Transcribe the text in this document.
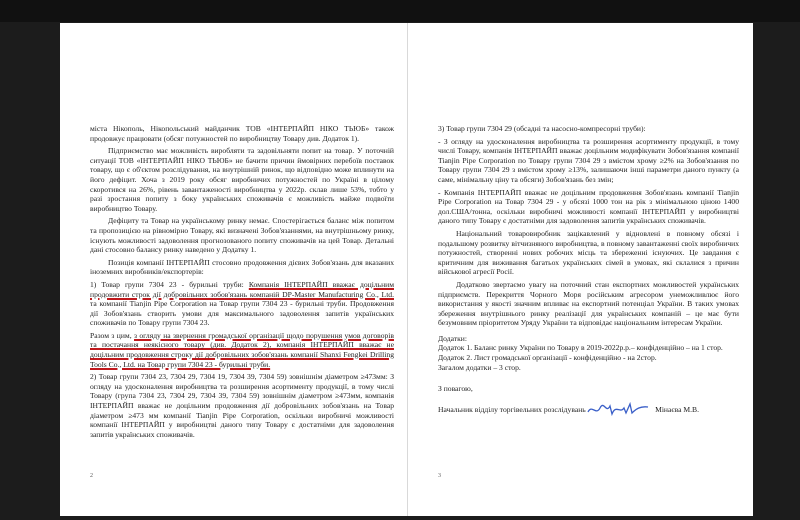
міста Нікополь, Нікопольський майданчик ТОВ «ІНТЕРПАЙП НІКО ТЬЮБ» також продовжує працювати (обсяг потужностей по виробництву Товару див. Додаток 1).

Підприємство має можливість виробляти та задовільняти попит на товар. У поточній ситуації ТОВ «ІНТЕРПАЙП НІКО ТЬЮБ» не бачити причин ймовірних перебоїв поставок товару, що є об'єктом розслідування, на внутрішній ринок, що відповідно може вплинути на його дефіцит. Хоча з 2019 року обсяг виробничих потужностей по Україні в цілому скоротився на 26%, рівень завантаженості виробництва у 2022р. склав лише 53%, тобто у разі зростання попиту з боку українських споживачів є можливість майже подвоїти виробництво Товару.

Дефіциту та Товар на українському ринку немає. Спостерігається баланс між попитом та пропозицією на рівномірно Товару, які визначені Зобов'язаннями, на внутрішньому ринку, існують можливості задоволення прогнозованого попиту споживачів на цей Товар. Детальні дані стосовно балансу ринку наведено у Додатку 1.

Позиція компанії ІНТЕРПАЙП стосовно продовження дієвих Зобов'язань для вказаних іноземних виробників/експортерів:

1) Товар групи 7304 23 - бурильні труби: Компанія ІНТЕРПАЙП вважає доцільним продовжити строк дії добровільних зобов'язань компаній DP-Master Manufacturing Co., Ltd. та компанії Tianjin Pipe Corporation на Товар групи 7304 23 - бурильні труби. Продовження дії Зобов'язань створить умови для максимального задоволення запитів українських споживачів по Товару групи 7304 23.

Разом з цим, з огляду на звернення громадської організації щодо порушення умов договорів та постачання неякісного товару (див. Додаток 2), компанія ІНТЕРПАЙП вважає не доцільним продовження строку дії добровільних зобов'язань компанії Shanxi Fengkei Drilling Tools Co., Ltd. на Товар групи 7304 23 - бурильні труби.

2) Товар групи 7304 23, 7304 29, 7304 19, 7304 39, 7304 59) зовнішнім діаметром ≥473мм: З огляду на удосконалення виробництва та розширення асортименту продукції, в тому числі Товару (група 7304 23, 7304 29, 7304 39, 7304 59) зовнішнім діаметром ≥473мм, компанія ІНТЕРПАЙП вважає не доцільним продовження дії добровільних зобов'язань на Товар діаметром ≥473 мм компанії Tianjin Pipe Corporation, оскільки виробничі можливості компанії ІНТЕРПАЙП у виробництві даного типу Товару є достатніми для задоволення запитів українських споживачів.

2

3) Товар групи 7304 29 (обсадні та насосно-компресорні труби):

- З огляду на удосконалення виробництва та розширення асортименту продукції, в тому числі Товару, компанія ІНТЕРПАЙП вважає доцільним модифікувати Зобов'язання компанії Tianjin Pipe Corporation по Товару групи 7304 29 з вмістом хрому ≥2% на Зобов'язання по Товару групи 7304 29 з вмістом хрому ≥13%, залишаючи інші параметри даного пункту (а саме, мінімальну ціну та обсяги) Зобов'язань без змін;

- Компанія ІНТЕРПАЙП вважає не доцільним продовження Зобов'язань компанії Tianjin Pipe Corporation на Товар 7304 29 - у обсязі 1000 тон на рік з мінімальною ціною 1400 дол.США/тонна, оскільки виробничі можливості компанії ІНТЕРПАЙП у виробництві даного типу Товару є достатніми для задоволення запитів українських споживачів.

Національний товаровиробник зацікавлений у відновлені в повному обсязі і подальшому розвитку вітчизняного виробництва, в повному завантаженні своїх виробничих потужностей, створенні нових робочих місць та збереженні існуючих. Це завдання є критичним для виживання багатьох українських сімей в умовах, які склалися з причин військової агресії Росії.

Додатково звертаємо увагу на поточний стан експортних можливостей українських підприємств. Перекриття Чорного Моря російським агресором унеможливлює його використання у якості значним впливає на експортний потенціал України. В таких умовах збереження внутрішнього ринку реалізації для українських компаній – це має бути безумовним пріоритетом Уряду України та відповідає національним інтересам України.

Додатки:
Додаток 1. Баланс ринку України по Товару в 2019-2022р.р.– конфіденційно – на 1 стор.
Додаток 2. Лист громадської організації - конфіденційно - на 2стор.
Загалом додатки – 3 стор.
З повагою,
Начальник відділу торгівельних розслідувань	Мінаєва М.В.
3
